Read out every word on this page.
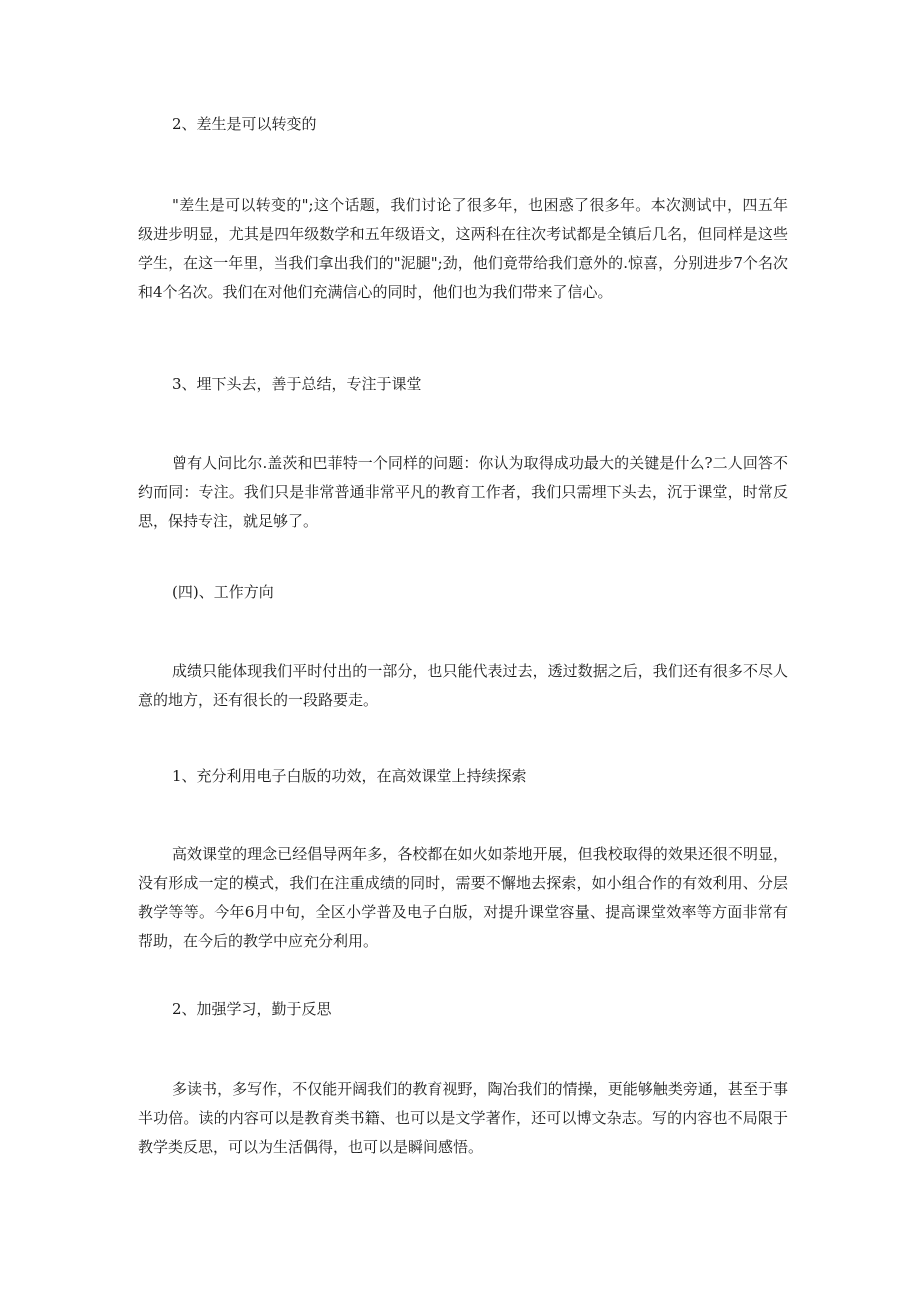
2、差生是可以转变的

"差生是可以转变的";这个话题，我们讨论了很多年，也困惑了很多年。本次测试中，四五年级进步明显，尤其是四年级数学和五年级语文，这两科在往次考试都是全镇后几名，但同样是这些学生，在这一年里，当我们拿出我们的"泥腿";劲，他们竟带给我们意外的.惊喜，分别进步7个名次和4个名次。我们在对他们充满信心的同时，他们也为我们带来了信心。

3、埋下头去，善于总结，专注于课堂

曾有人问比尔.盖茨和巴菲特一个同样的问题：你认为取得成功最大的关键是什么?二人回答不约而同：专注。我们只是非常普通非常平凡的教育工作者，我们只需埋下头去，沉于课堂，时常反思，保持专注，就足够了。

(四)、工作方向

成绩只能体现我们平时付出的一部分，也只能代表过去，透过数据之后，我们还有很多不尽人意的地方，还有很长的一段路要走。

1、充分利用电子白版的功效，在高效课堂上持续探索

高效课堂的理念已经倡导两年多，各校都在如火如荼地开展，但我校取得的效果还很不明显，没有形成一定的模式，我们在注重成绩的同时，需要不懈地去探索，如小组合作的有效利用、分层教学等等。今年6月中旬，全区小学普及电子白版，对提升课堂容量、提高课堂效率等方面非常有帮助，在今后的教学中应充分利用。

2、加强学习，勤于反思

多读书，多写作，不仅能开阔我们的教育视野，陶冶我们的情操，更能够触类旁通，甚至于事半功倍。读的内容可以是教育类书籍、也可以是文学著作，还可以博文杂志。写的内容也不局限于教学类反思，可以为生活偶得，也可以是瞬间感悟。
